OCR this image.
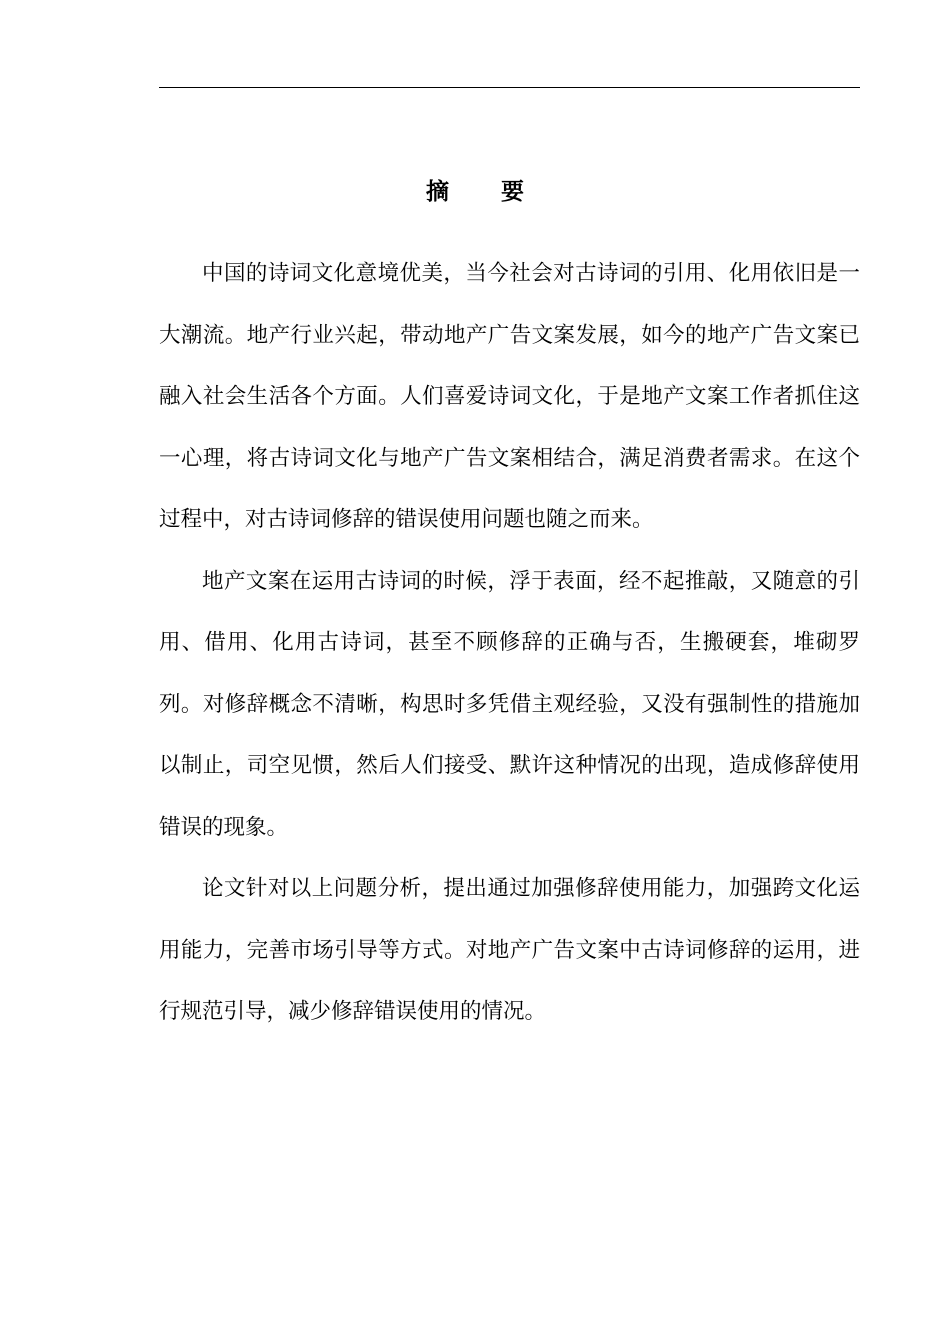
摘 要

中国的诗词文化意境优美，当今社会对古诗词的引用、化用依旧是一大潮流。地产行业兴起，带动地产广告文案发展，如今的地产广告文案已融入社会生活各个方面。人们喜爱诗词文化，于是地产文案工作者抓住这一心理，将古诗词文化与地产广告文案相结合，满足消费者需求。在这个过程中，对古诗词修辞的错误使用问题也随之而来。

地产文案在运用古诗词的时候，浮于表面，经不起推敲，又随意的引用、借用、化用古诗词，甚至不顾修辞的正确与否，生搬硬套，堆砌罗列。对修辞概念不清晰，构思时多凭借主观经验，又没有强制性的措施加以制止，司空见惯，然后人们接受、默许这种情况的出现，造成修辞使用错误的现象。

论文针对以上问题分析，提出通过加强修辞使用能力，加强跨文化运用能力，完善市场引导等方式。对地产广告文案中古诗词修辞的运用，进行规范引导，减少修辞错误使用的情况。
